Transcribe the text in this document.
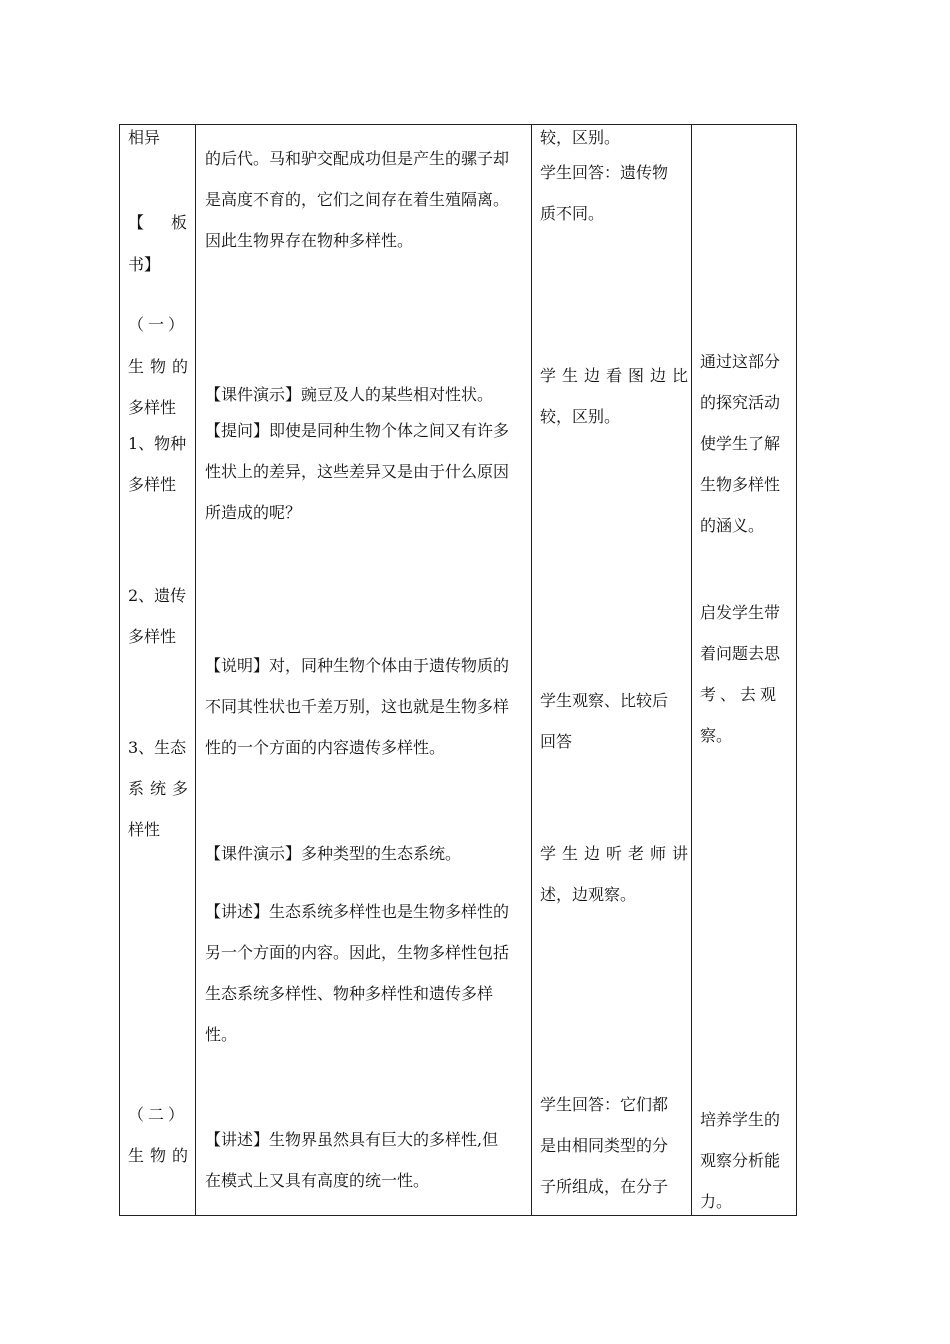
相异
【 板
书】
（一）
生物的
多样性
1、物种
多样性
2、遗传
多样性
3、生态
系统多
样性
（二）
生物的
的后代。马和驴交配成功但是产生的骡子却
是高度不育的，它们之间存在着生殖隔离。
因此生物界存在物种多样性。
【课件演示】豌豆及人的某些相对性状。
【提问】即使是同种生物个体之间又有许多
性状上的差异，这些差异又是由于什么原因
所造成的呢？
【说明】对，同种生物个体由于遗传物质的
不同其性状也千差万别，这也就是生物多样
性的一个方面的内容遗传多样性。
【课件演示】多种类型的生态系统。
【讲述】生态系统多样性也是生物多样性的
另一个方面的内容。因此，生物多样性包括
生态系统多样性、物种多样性和遗传多样
性。
【讲述】生物界虽然具有巨大的多样性,但
在模式上又具有高度的统一性。
较，区别。
学生回答：遗传物
质不同。
学生边看图边比
较，区别。
学生观察、比较后
回答
学生边听老师讲
述，边观察。
学生回答：它们都
是由相同类型的分
子所组成，在分子
通过这部分
的探究活动
使学生了解
生物多样性
的涵义。
启发学生带
着问题去思
考、去观
察。
培养学生的
观察分析能
力。
